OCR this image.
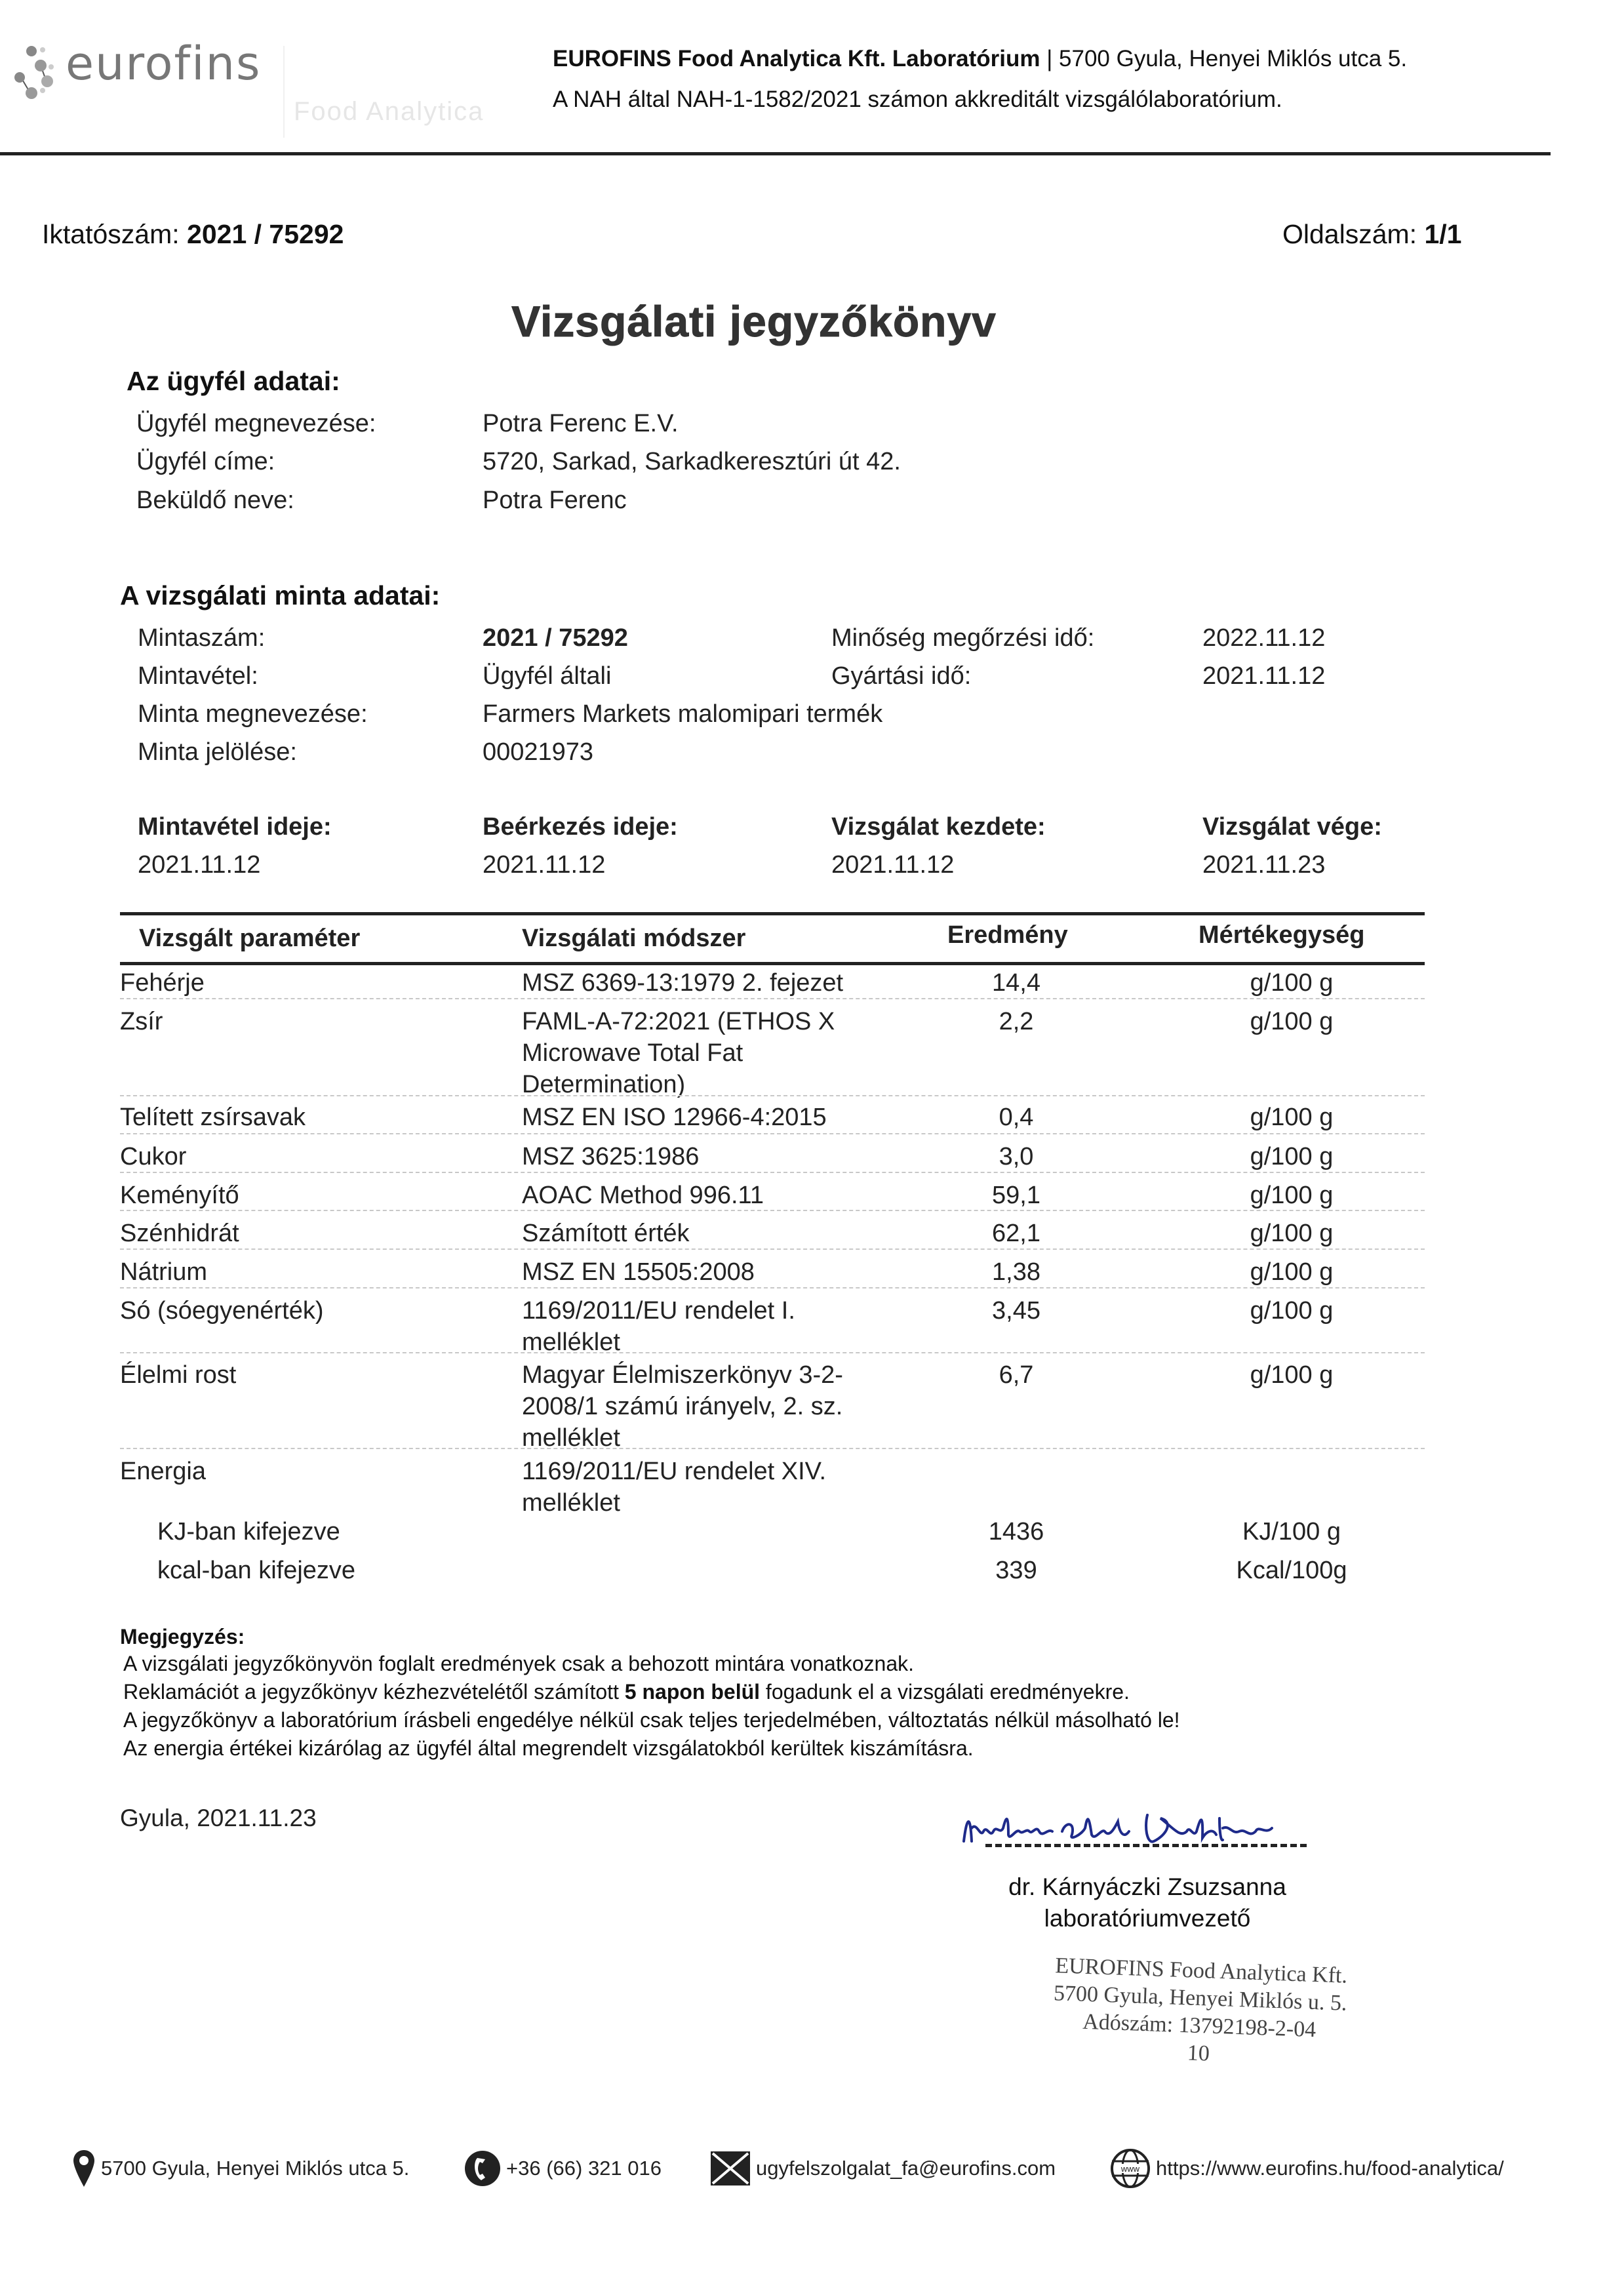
eurofins
Food Analytica
EUROFINS Food Analytica Kft. Laboratórium | 5700 Gyula, Henyei Miklós utca 5.
A NAH által NAH-1-1582/2021 számon akkreditált vizsgálólaboratórium.
Iktatószám: 2021 / 75292	Oldalszám: 1/1
Vizsgálati jegyzőkönyv
Az ügyfél adatai:
Ügyfél megnevezése:	Potra Ferenc E.V.
Ügyfél címe:	5720, Sarkad, Sarkadkeresztúri út 42.
Beküldő neve:	Potra Ferenc
A vizsgálati minta adatai:
Mintaszám:	2021 / 75292	Minőség megőrzési idő:	2022.11.12
Mintavétel:	Ügyfél általi	Gyártási idő:	2021.11.12
Minta megnevezése:	Farmers Markets malomipari termék
Minta jelölése:	00021973
Mintavétel ideje:
2021.11.12
Beérkezés ideje:
2021.11.12
Vizsgálat kezdete:
2021.11.12
Vizsgálat vége:
2021.11.23
Vizsgált paraméter	Vizsgálati módszer	Eredmény	Mértékegység
Fehérje	MSZ 6369-13:1979 2. fejezet	14,4	g/100 g
Zsír	FAML-A-72:2021 (ETHOS X
Microwave Total Fat
Determination)
2,2	g/100 g
Telített zsírsavak	MSZ EN ISO 12966-4:2015	0,4	g/100 g
Cukor	MSZ 3625:1986	3,0	g/100 g
Keményítő	AOAC Method 996.11	59,1	g/100 g
Szénhidrát	Számított érték	62,1	g/100 g
Nátrium	MSZ EN 15505:2008	1,38	g/100 g
Só (sóegyenérték)	1169/2011/EU rendelet I.
melléklet
3,45	g/100 g
Élelmi rost	Magyar Élelmiszerkönyv 3-2-
2008/1 számú irányelv, 2. sz.
melléklet
6,7	g/100 g
Energia	1169/2011/EU rendelet XIV.
melléklet
KJ-ban kifejezve	1436	KJ/100 g
kcal-ban kifejezve	339	Kcal/100g
Megjegyzés:
A vizsgálati jegyzőkönyvön foglalt eredmények csak a behozott mintára vonatkoznak.
Reklamációt a jegyzőkönyv kézhezvételétől számított 5 napon belül fogadunk el a vizsgálati eredményekre.
A jegyzőkönyv a laboratórium írásbeli engedélye nélkül csak teljes terjedelmében, változtatás nélkül másolható le!
Az energia értékei kizárólag az ügyfél által megrendelt vizsgálatokból kerültek kiszámításra.
Gyula, 2021.11.23
dr. Kárnyáczki Zsuzsanna
laboratóriumvezető
EUROFINS Food Analytica Kft.
5700 Gyula, Henyei Miklós u. 5.
Adószám: 13792198-2-04
10
5700 Gyula, Henyei Miklós utca 5.	+36 (66) 321 016	ugyfelszolgalat_fa@eurofins.com	www https://www.eurofins.hu/food-analytica/
